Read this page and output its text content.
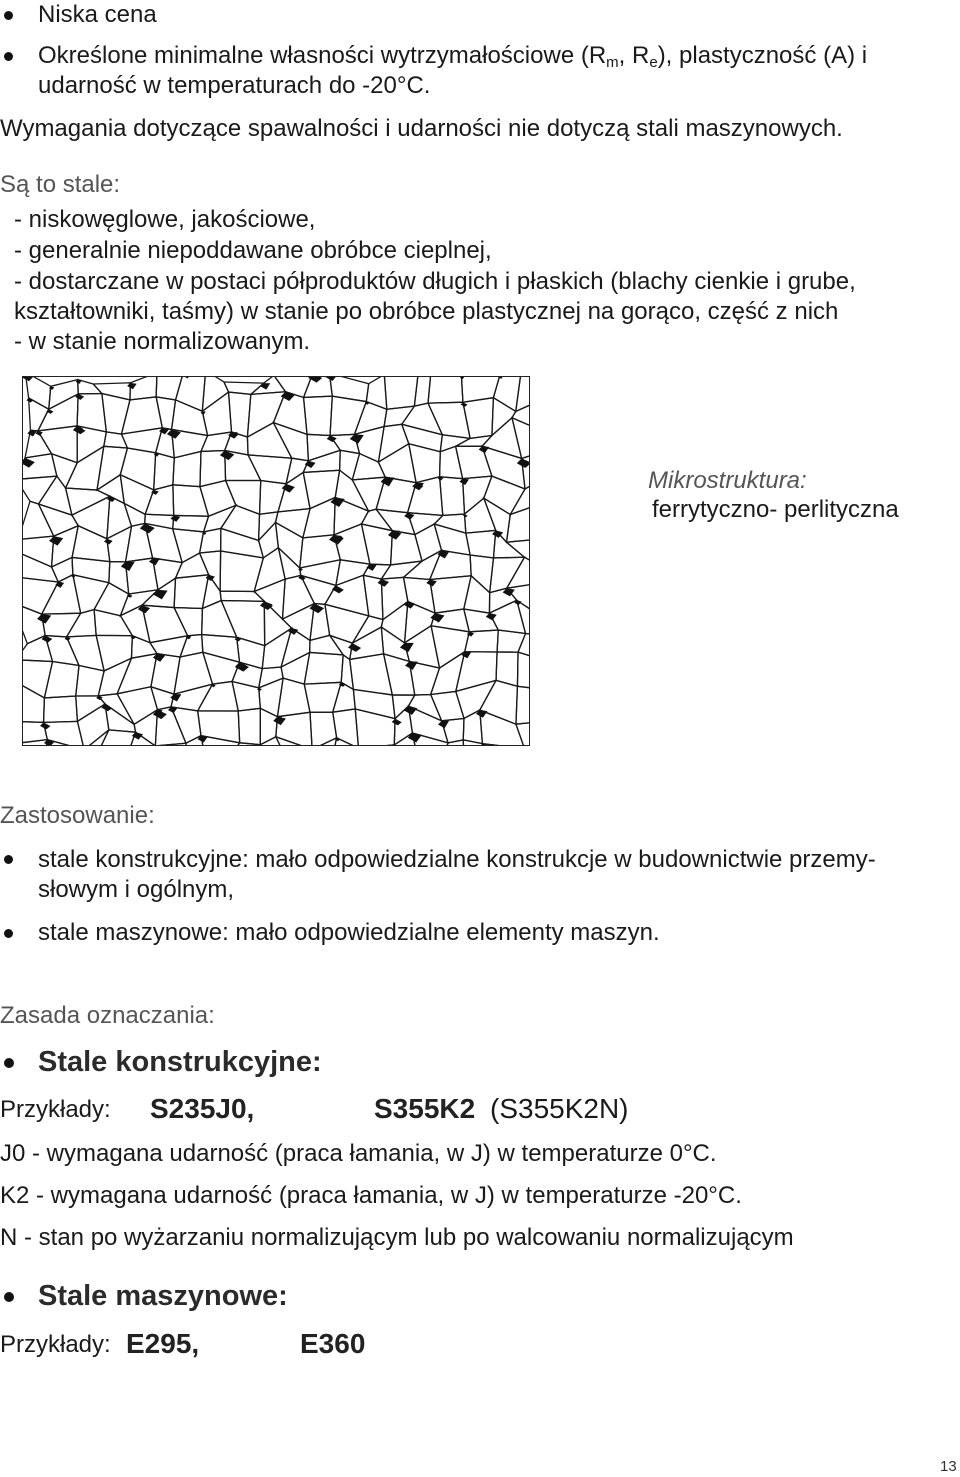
Niska cena
Określone minimalne własności wytrzymałościowe ($R_m$, $R_e$), plastyczność (A) i
udarność w temperaturach do -20°C.
Wymagania dotyczące spawalności i udarności nie dotyczą stali maszynowych.
Są to stale:
- niskowęglowe, jakościowe,
- generalnie niepoddawane obróbce cieplnej,
- dostarczane w postaci półproduktów długich i płaskich (blachy cienkie i grube,
kształtowniki, taśmy) w stanie po obróbce plastycznej na gorąco, część z nich
- w stanie normalizowanym.
Mikrostruktura:
ferrytyczno- perlityczna
Zastosowanie:
stale konstrukcyjne: mało odpowiedzialne konstrukcje w budownictwie przemy-
słowym i ogólnym,
stale maszynowe: mało odpowiedzialne elementy maszyn.
Zasada oznaczania:
Stale konstrukcyjne:
Przykłady: S235J0,	S355K2 (S355K2N)
J0 - wymagana udarność (praca łamania, w J) w temperaturze 0°C.
K2 - wymagana udarność (praca łamania, w J) w temperaturze -20°C.
N - stan po wyżarzaniu normalizującym lub po walcowaniu normalizującym
Stale maszynowe:
Przykłady: E295,	E360
13
